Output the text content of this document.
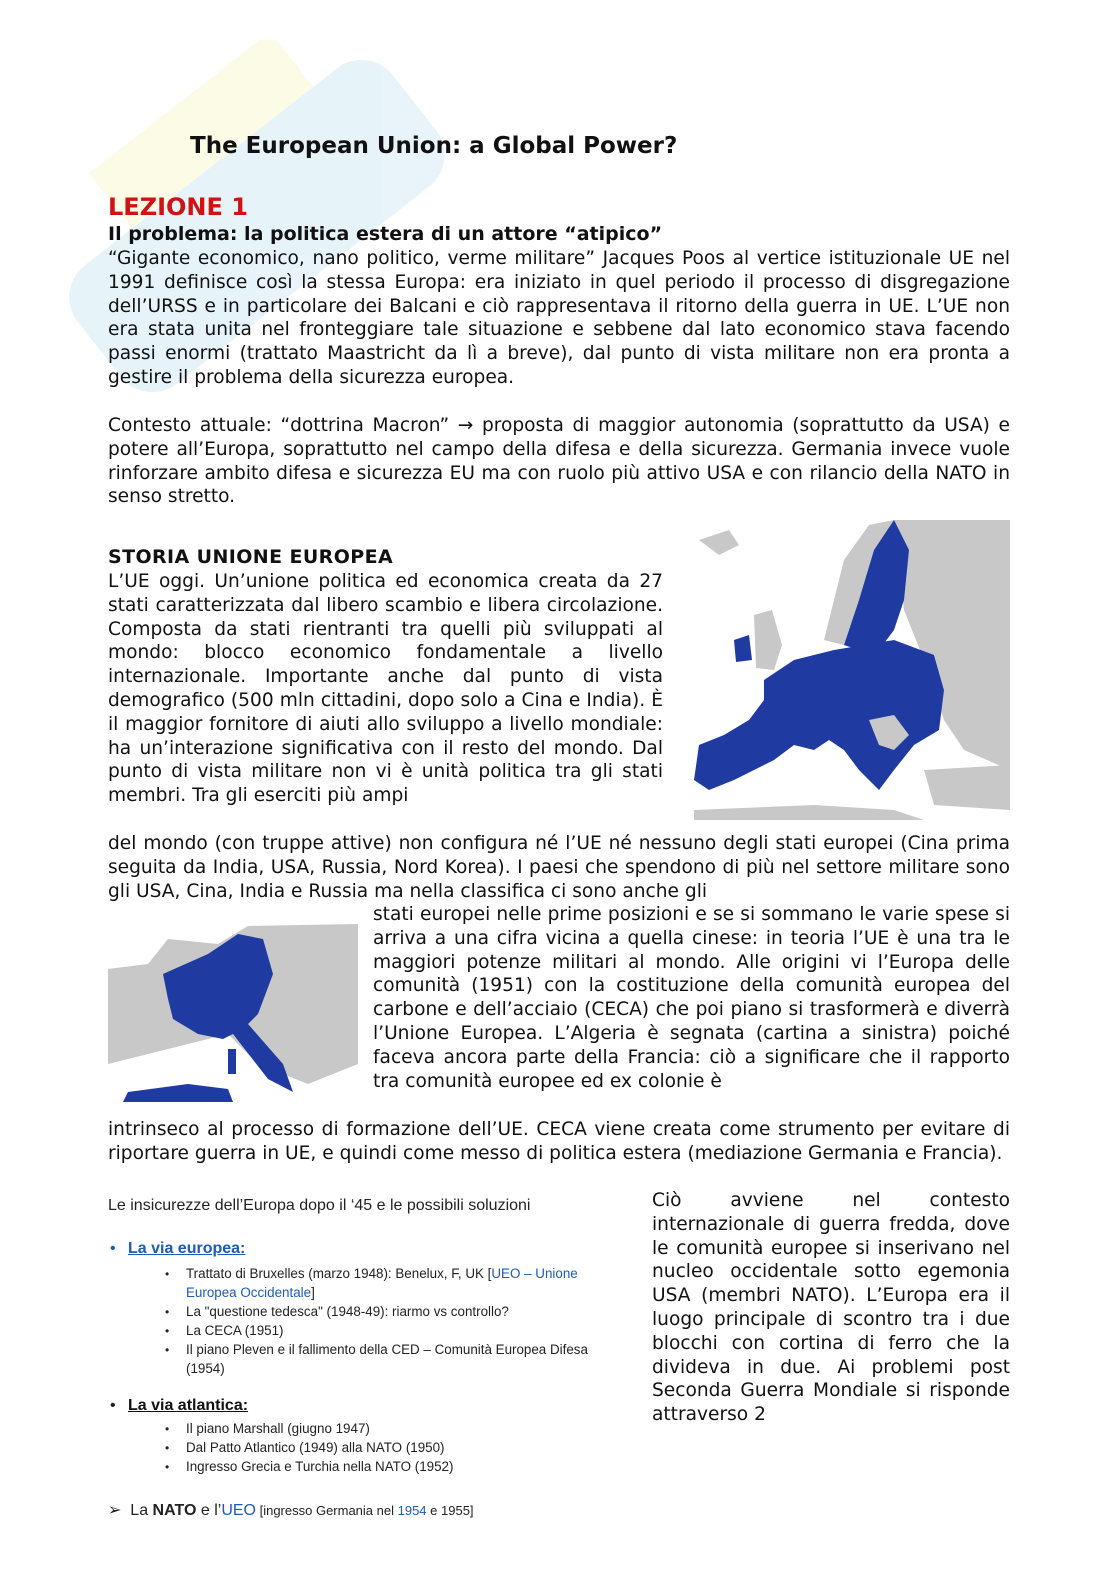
The European Union: a Global Power?
LEZIONE 1
Il problema: la politica estera di un attore “atipico”
“Gigante economico, nano politico, verme militare” Jacques Poos al vertice istituzionale UE nel 1991 definisce così la stessa Europa: era iniziato in quel periodo il processo di disgregazione dell’URSS e in particolare dei Balcani e ciò rappresentava il ritorno della guerra in UE. L’UE non era stata unita nel fronteggiare tale situazione e sebbene dal lato economico stava facendo passi enormi (trattato Maastricht da lì a breve), dal punto di vista militare non era pronta a gestire il problema della sicurezza europea.
Contesto attuale: “dottrina Macron” → proposta di maggior autonomia (soprattutto da USA) e potere all’Europa, soprattutto nel campo della difesa e della sicurezza. Germania invece vuole rinforzare ambito difesa e sicurezza EU ma con ruolo più attivo USA e con rilancio della NATO in senso stretto.
STORIA UNIONE EUROPEA
L’UE oggi. Un’unione politica ed economica creata da 27 stati caratterizzata dal libero scambio e libera circolazione. Composta da stati rientranti tra quelli più sviluppati al mondo: blocco economico fondamentale a livello internazionale. Importante anche dal punto di vista demografico (500 mln cittadini, dopo solo a Cina e India). È il maggior fornitore di aiuti allo sviluppo a livello mondiale: ha un’interazione significativa con il resto del mondo. Dal punto di vista militare non vi è unità politica tra gli stati membri. Tra gli eserciti più ampi
del mondo (con truppe attive) non configura né l’UE né nessuno degli stati europei (Cina prima seguita da India, USA, Russia, Nord Korea). I paesi che spendono di più nel settore militare sono gli USA, Cina, India e Russia ma nella classifica ci sono anche gli
stati europei nelle prime posizioni e se si sommano le varie spese si arriva a una cifra vicina a quella cinese: in teoria l’UE è una tra le maggiori potenze militari al mondo. Alle origini vi l’Europa delle comunità (1951) con la costituzione della comunità europea del carbone e dell’acciaio (CECA) che poi piano si trasformerà e diverrà l’Unione Europea. L’Algeria è segnata (cartina a sinistra) poiché faceva ancora parte della Francia: ciò a significare che il rapporto tra comunità europee ed ex colonie è
intrinseco al processo di formazione dell’UE. CECA viene creata come strumento per evitare di riportare guerra in UE, e quindi come messo di politica estera (mediazione Germania e Francia).
Le insicurezze dell’Europa dopo il ‘45 e le possibili soluzioni
• La via europea:
• Trattato di Bruxelles (marzo 1948): Benelux, F, UK [UEO – Unione Europea Occidentale]
• La "questione tedesca" (1948-49): riarmo vs controllo?
• La CECA (1951)
• Il piano Pleven e il fallimento della CED – Comunità Europea Difesa (1954)
• La via atlantica:
• Il piano Marshall (giugno 1947)
• Dal Patto Atlantico (1949) alla NATO (1950)
• Ingresso Grecia e Turchia nella NATO (1952)
➢ La NATO e l’UEO [ingresso Germania nel 1954 e 1955]
Ciò avviene nel contesto internazionale di guerra fredda, dove le comunità europee si inserivano nel nucleo occidentale sotto egemonia USA (membri NATO). L’Europa era il luogo principale di scontro tra i due blocchi con cortina di ferro che la divideva in due. Ai problemi post Seconda Guerra Mondiale si risponde attraverso 2
